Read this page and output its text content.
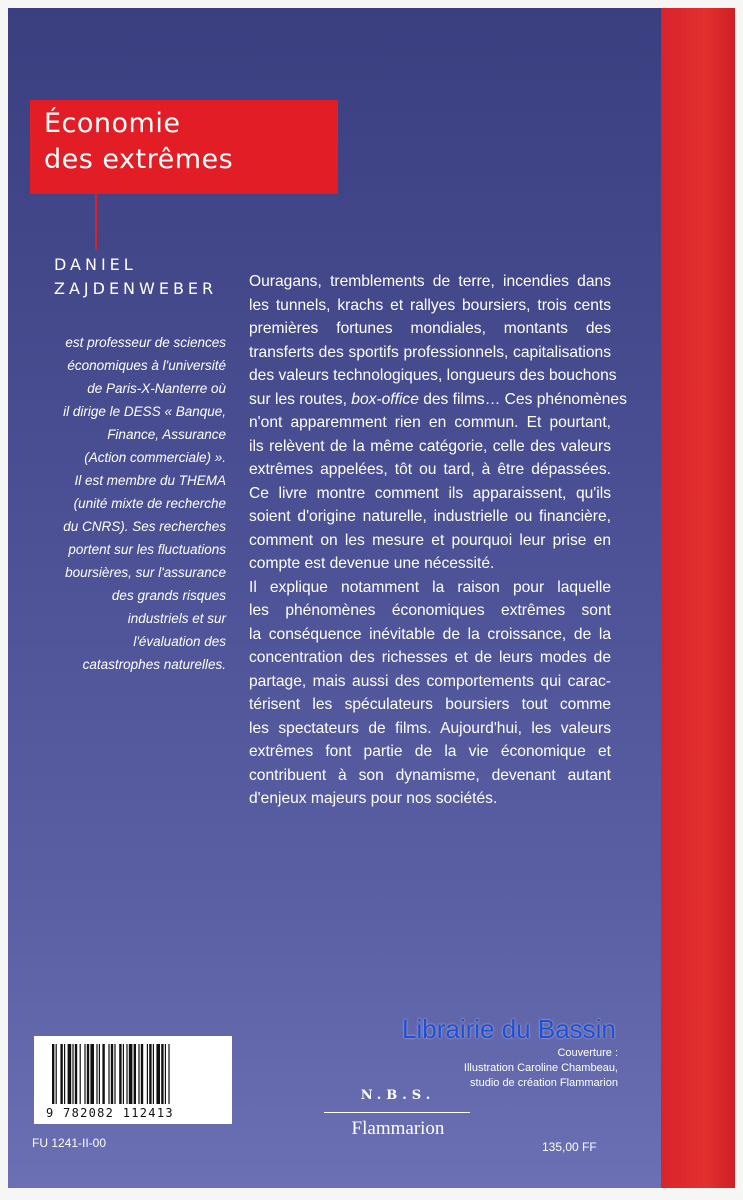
Économie
des extrêmes
DANIEL
ZAJDENWEBER
est professeur de sciences
économiques à l'université
de Paris-X-Nanterre où
il dirige le DESS « Banque,
Finance, Assurance
(Action commerciale) ».
Il est membre du THEMA
(unité mixte de recherche
du CNRS). Ses recherches
portent sur les fluctuations
boursières, sur l'assurance
des grands risques
industriels et sur
l'évaluation des
catastrophes naturelles.

Ouragans, tremblements de terre, incendies dans
les tunnels, krachs et rallyes boursiers, trois cents
premières fortunes mondiales, montants des
transferts des sportifs professionnels, capitalisations
des valeurs technologiques, longueurs des bouchons
sur les routes, box-office des films… Ces phénomènes
n'ont apparemment rien en commun. Et pourtant,
ils relèvent de la même catégorie, celle des valeurs
extrêmes appelées, tôt ou tard, à être dépassées.
Ce livre montre comment ils apparaissent, qu'ils
soient d'origine naturelle, industrielle ou financière,
comment on les mesure et pourquoi leur prise en
compte est devenue une nécessité.

Il explique notamment la raison pour laquelle
les phénomènes économiques extrêmes sont
la conséquence inévitable de la croissance, de la
concentration des richesses et de leurs modes de
partage, mais aussi des comportements qui carac-
térisent les spéculateurs boursiers tout comme
les spectateurs de films. Aujourd'hui, les valeurs
extrêmes font partie de la vie économique et
contribuent à son dynamisme, devenant autant
d'enjeux majeurs pour nos sociétés.

Librairie du Bassin
Couverture :
Illustration Caroline Chambeau,
studio de création Flammarion
9 782082 112413
FU 1241-II-00
N.B.S.
Flammarion
135,00 FF
